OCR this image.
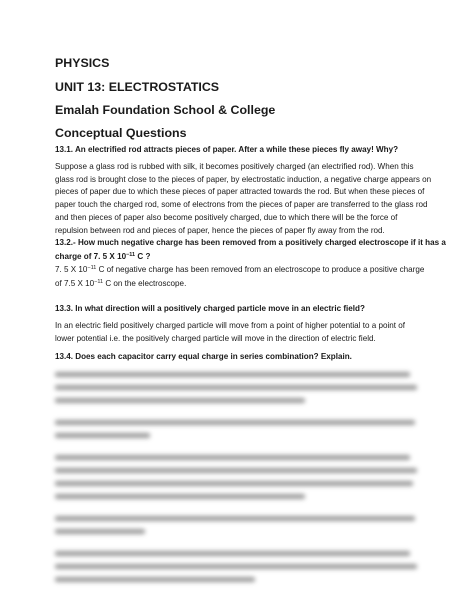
PHYSICS
UNIT 13: ELECTROSTATICS
Emalah Foundation School & College
Conceptual Questions
13.1. An electrified rod attracts pieces of paper. After a while these pieces fly away! Why?
Suppose a glass rod is rubbed with silk, it becomes positively charged (an electrified rod). When this
glass rod is brought close to the pieces of paper, by electrostatic induction, a negative charge appears on
pieces of paper due to which these pieces of paper attracted towards the rod. But when these pieces of
paper touch the charged rod, some of electrons from the pieces of paper are transferred to the glass rod
and then pieces of paper also become positively charged, due to which there will be the force of
repulsion between rod and pieces of paper, hence the pieces of paper fly away from the rod.
13.2.- How much negative charge has been removed from a positively charged electroscope if it has a
charge of 7. 5 X $10^{-11}$ C ?
7. 5 X $10^{-11}$ C of negative charge has been removed from an electroscope to produce a positive charge
of 7.5 X $10^{-11}$ C on the electroscope.
13.3. In what direction will a positively charged particle move in an electric field?
In an electric field positively charged particle will move from a point of higher potential to a point of
lower potential i.e. the positively charged particle will move in the direction of electric field.
13.4. Does each capacitor carry equal charge in series combination? Explain.
